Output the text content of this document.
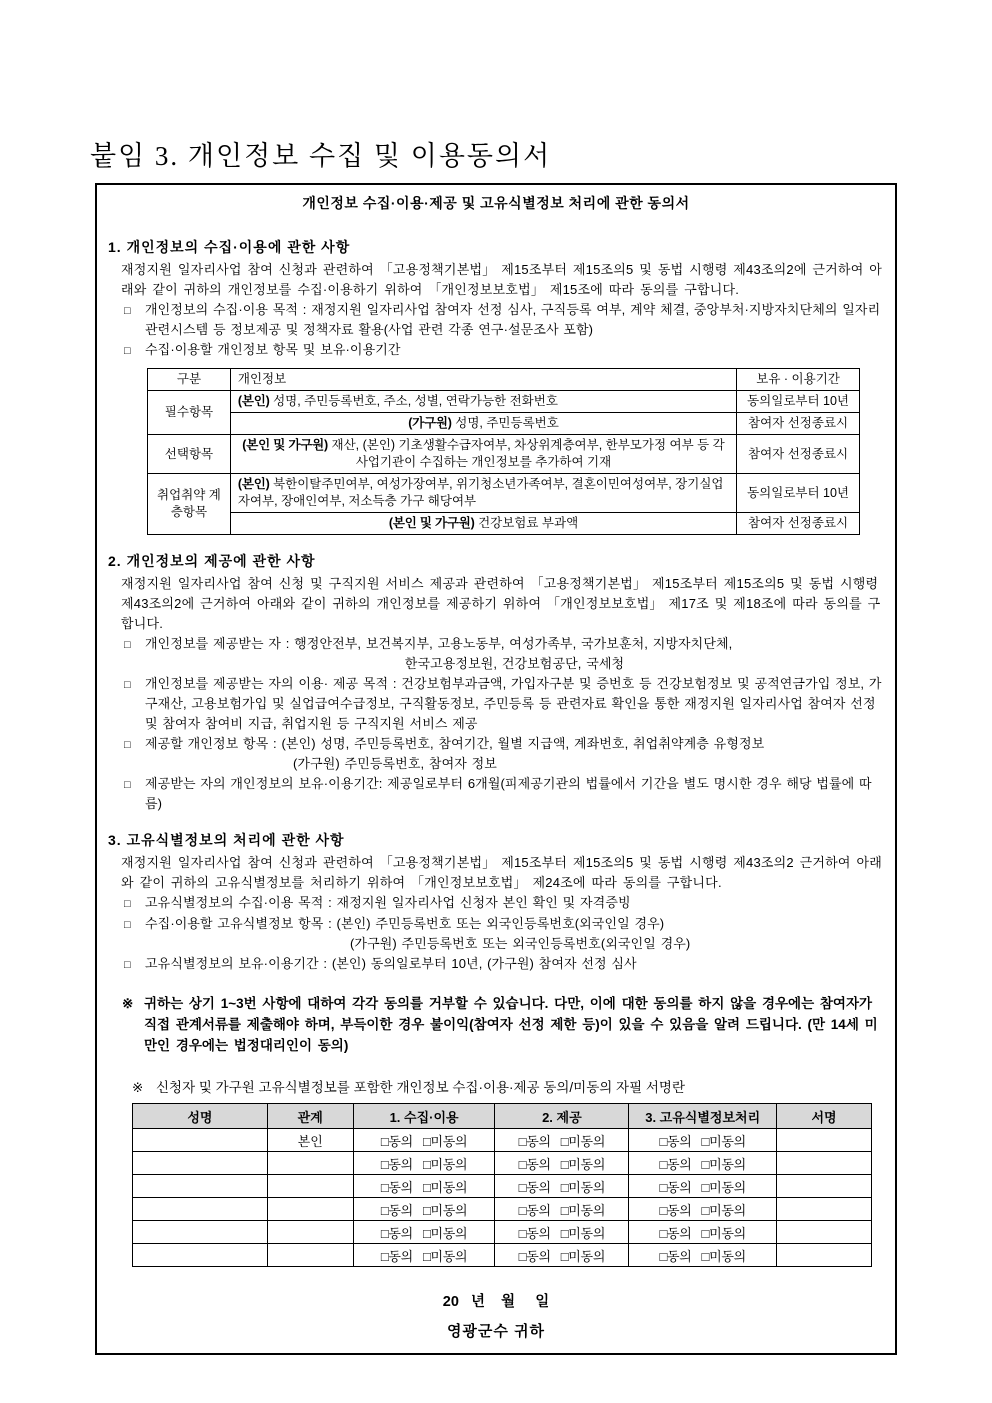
붙임 3. 개인정보 수집 및 이용동의서
개인정보 수집·이용·제공 및 고유식별정보 처리에 관한 동의서
1. 개인정보의 수집·이용에 관한 사항
재정지원 일자리사업 참여 신청과 관련하여 「고용정책기본법」 제15조부터 제15조의5 및 동법 시행령 제43조의2에 근거하여 아래와 같이 귀하의 개인정보를 수집·이용하기 위하여 「개인정보보호법」 제15조에 따라 동의를 구합니다.
□	개인정보의 수집·이용 목적 : 재정지원 일자리사업 참여자 선정 심사, 구직등록 여부, 계약 체결, 중앙부처·지방자치단체의 일자리관련시스템 등 정보제공 및 정책자료 활용(사업 관련 각종 연구·설문조사 포함)
□	수집·이용할 개인정보 항목 및 보유·이용기간
구분	개인정보	보유 · 이용기간
필수항목	(본인) 성명, 주민등록번호, 주소, 성별, 연락가능한 전화번호	동의일로부터 10년
	(가구원) 성명, 주민등록번호	참여자 선정종료시
선택항목	(본인 및 가구원) 재산, (본인) 기초생활수급자여부, 차상위계층여부, 한부모가정 여부 등 각 사업기관이 수집하는 개인정보를 추가하여 기재	참여자 선정종료시
취업취약 계층항목	(본인) 북한이탈주민여부, 여성가장여부, 위기청소년가족여부, 결혼이민여성여부, 장기실업자여부, 장애인여부, 저소득층 가구 해당여부	동의일로부터 10년
	(본인 및 가구원) 건강보험료 부과액	참여자 선정종료시
2. 개인정보의 제공에 관한 사항
재정지원 일자리사업 참여 신청 및 구직지원 서비스 제공과 관련하여 「고용정책기본법」 제15조부터 제15조의5 및 동법 시행령 제43조의2에 근거하여 아래와 같이 귀하의 개인정보를 제공하기 위하여 「개인정보보호법」 제17조 및 제18조에 따라 동의를 구합니다.
□	개인정보를 제공받는 자 : 행정안전부, 보건복지부, 고용노동부, 여성가족부, 국가보훈처, 지방자치단체,
한국고용정보원, 건강보험공단, 국세청
□	개인정보를 제공받는 자의 이용· 제공 목적 : 건강보험부과금액, 가입자구분 및 증번호 등 건강보험정보 및 공적연금가입 정보, 가구재산, 고용보험가입 및 실업급여수급정보, 구직활동정보, 주민등록 등 관련자료 확인을 통한 재정지원 일자리사업 참여자 선정 및 참여자 참여비 지급, 취업지원 등 구직지원 서비스 제공
□	제공할 개인정보 항목 : (본인) 성명, 주민등록번호, 참여기간, 월별 지급액, 계좌번호, 취업취약계층 유형정보
(가구원) 주민등록번호, 참여자 정보
□	제공받는 자의 개인정보의 보유·이용기간: 제공일로부터 6개월(피제공기관의 법률에서 기간을 별도 명시한 경우 해당 법률에 따름)
3. 고유식별정보의 처리에 관한 사항
재정지원 일자리사업 참여 신청과 관련하여 「고용정책기본법」 제15조부터 제15조의5 및 동법 시행령 제43조의2 근거하여 아래와 같이 귀하의 고유식별정보를 처리하기 위하여 「개인정보보호법」 제24조에 따라 동의를 구합니다.
□	고유식별정보의 수집·이용 목적 : 재정지원 일자리사업 신청자 본인 확인 및 자격증빙
□	수집·이용할 고유식별정보 항목 : (본인) 주민등록번호 또는 외국인등록번호(외국인일 경우)
(가구원) 주민등록번호 또는 외국인등록번호(외국인일 경우)
□	고유식별정보의 보유·이용기간 : (본인) 동의일로부터 10년, (가구원) 참여자 선정 심사
※ 귀하는 상기 1~3번 사항에 대하여 각각 동의를 거부할 수 있습니다. 다만, 이에 대한 동의를 하지 않을 경우에는 참여자가 직접 관계서류를 제출해야 하며, 부득이한 경우 불이익(참여자 선정 제한 등)이 있을 수 있음을 알려 드립니다. (만 14세 미만인 경우에는 법정대리인이 동의)
※ 신청자 및 가구원 고유식별정보를 포함한 개인정보 수집·이용·제공 동의/미동의 자필 서명란
성명	관계	1. 수집·이용	2. 제공	3. 고유식별정보처리	서명
	본인	□동의 □미동의	□동의 □미동의	□동의 □미동의	
		□동의 □미동의	□동의 □미동의	□동의 □미동의	
		□동의 □미동의	□동의 □미동의	□동의 □미동의	
		□동의 □미동의	□동의 □미동의	□동의 □미동의	
		□동의 □미동의	□동의 □미동의	□동의 □미동의	
		□동의 □미동의	□동의 □미동의	□동의 □미동의	
20   년    월     일
영광군수 귀하
